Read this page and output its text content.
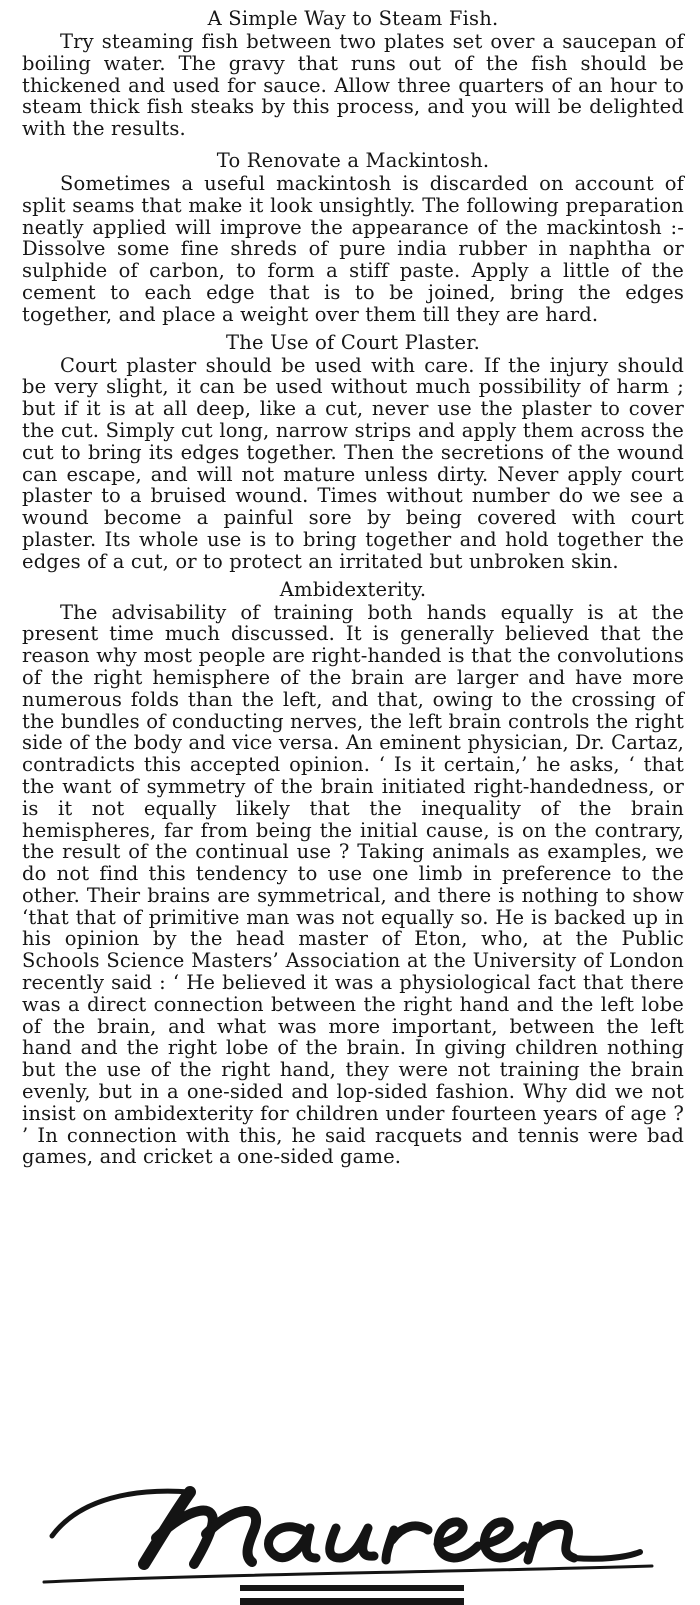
A Simple Way to Steam Fish.

Try steaming fish between two plates set over a saucepan of boiling water. The gravy that runs out of the fish should be thickened and used for sauce. Allow three quarters of an hour to steam thick fish steaks by this process, and you will be delighted with the results.

To Renovate a Mackintosh.

Sometimes a useful mackintosh is discarded on account of split seams that make it look unsightly. The following preparation neatly applied will improve the appearance of the mackintosh :- Dissolve some fine shreds of pure india rubber in naphtha or sulphide of carbon, to form a stiff paste. Apply a little of the cement to each edge that is to be joined, bring the edges together, and place a weight over them till they are hard.

The Use of Court Plaster.

Court plaster should be used with care. If the injury should be very slight, it can be used without much possibility of harm ; but if it is at all deep, like a cut, never use the plaster to cover the cut. Simply cut long, narrow strips and apply them across the cut to bring its edges together. Then the secretions of the wound can escape, and will not mature unless dirty. Never apply court plaster to a bruised wound. Times without number do we see a wound become a painful sore by being covered with court plaster. Its whole use is to bring together and hold together the edges of a cut, or to protect an irritated but unbroken skin.

Ambidexterity.

The advisability of training both hands equally is at the present time much discussed. It is generally believed that the reason why most people are right-handed is that the convolutions of the right hemisphere of the brain are larger and have more numerous folds than the left, and that, owing to the crossing of the bundles of conducting nerves, the left brain controls the right side of the body and vice versa. An eminent physician, Dr. Cartaz, contradicts this accepted opinion. ‘ Is it certain,’ he asks, ‘ that the want of symmetry of the brain initiated right-handedness, or is it not equally likely that the inequality of the brain hemispheres, far from being the initial cause, is on the contrary, the result of the continual use ? Taking animals as examples, we do not find this tendency to use one limb in preference to the other. Their brains are symmetrical, and there is nothing to show ‘that that of primitive man was not equally so. He is backed up in his opinion by the head master of Eton, who, at the Public Schools Science Masters’ Association at the University of London recently said : ‘ He believed it was a physiological fact that there was a direct connection between the right hand and the left lobe of the brain, and what was more important, between the left hand and the right lobe of the brain. In giving children nothing but the use of the right hand, they were not training the brain evenly, but in a one-sided and lop-sided fashion. Why did we not insist on ambidexterity for children under fourteen years of age ? ’ In connection with this, he said racquets and tennis were bad games, and cricket a one-sided game.
